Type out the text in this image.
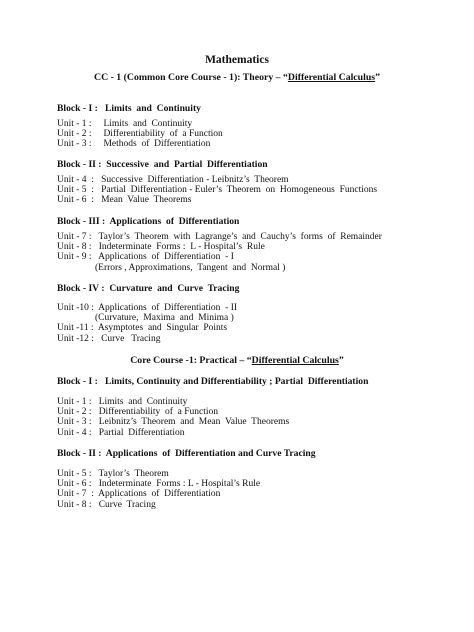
Mathematics
CC - 1 (Common Core Course - 1): Theory – “Differential Calculus”
Block - I :   Limits  and  Continuity
Unit - 1 :     Limits  and  Continuity
Unit - 2 :     Differentiability  of  a Function
Unit - 3 :     Methods  of  Differentiation
Block - II :  Successive  and  Partial  Differentiation
Unit - 4  :   Successive  Differentiation - Leibnitz’s  Theorem
Unit - 5  :   Partial  Differentiation - Euler’s  Theorem  on  Homogeneous  Functions
Unit - 6  :   Mean  Value  Theorems
Block - III :  Applications  of  Differentiation
Unit - 7 :   Taylor’s  Theorem  with  Lagrange’s  and  Cauchy’s  forms  of  Remainder
Unit - 8 :   Indeterminate  Forms :  L - Hospital’s  Rule
Unit - 9 :   Applications  of  Differentiation  - I
(Errors , Approximations,  Tangent  and  Normal )
Block - IV :  Curvature  and  Curve  Tracing
Unit -10 :  Applications  of  Differentiation  - II
(Curvature,  Maxima  and  Minima )
Unit -11 :  Asymptotes  and  Singular  Points
Unit -12 :   Curve   Tracing
Core Course -1: Practical – “Differential Calculus”
Block - I :   Limits, Continuity and Differentiability ; Partial  Differentiation
Unit - 1 :   Limits  and  Continuity
Unit - 2 :   Differentiability  of  a Function
Unit - 3 :   Leibnitz’s  Theorem  and  Mean  Value  Theorems
Unit - 4 :   Partial  Differentiation
Block - II :  Applications  of  Differentiation and Curve Tracing
Unit - 5 :   Taylor’s  Theorem
Unit - 6 :   Indeterminate  Forms : L - Hospital’s Rule
Unit - 7  :  Applications  of  Differentiation
Unit - 8 :   Curve  Tracing
